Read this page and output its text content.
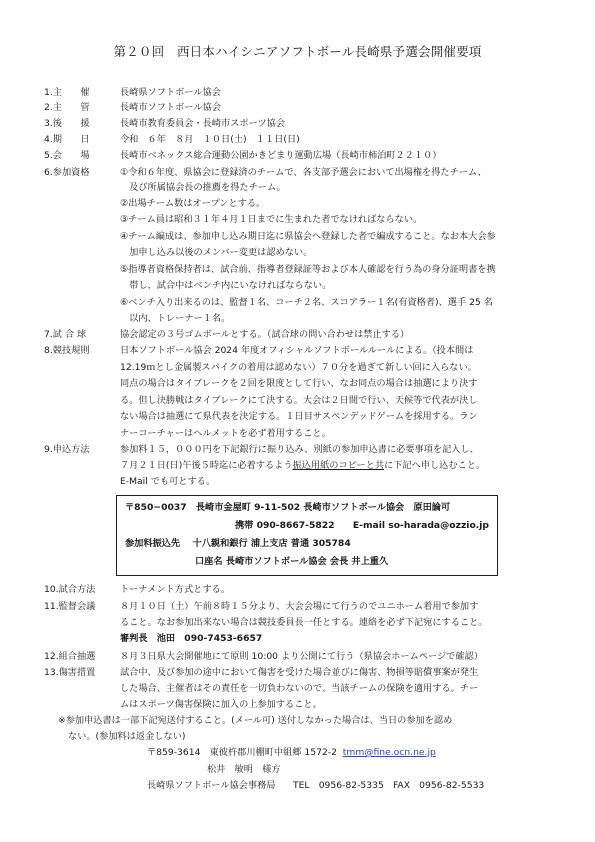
第２０回　西日本ハイシニアソフトボール長崎県予選会開催要項
1.主　　催	長崎県ソフトボール協会
2.主　　管	長崎市ソフトボール協会
3.後　　援	長崎市教育委員会・長崎市スポーツ協会
4.期　　日	令和　６年　８月　１０日(土)　１１日(日)
5.会　　場	長崎市ベネックス総合運動公園かきどまり運動広場（長崎市柿泊町２２１０）
6.参加資格	①令和６年度、県協会に登録済のチームで、各支部予選会において出場権を得たチーム、
　及び所属協会長の推薦を得たチーム。
②出場チーム数はオープンとする。
③チーム員は昭和３１年４月１日までに生まれた者でなければならない。
④チーム編成は、参加申し込み期日迄に県協会へ登録した者で編成すること。なお本大会参
　加申し込み以後のメンバー変更は認めない。
⑤指導者資格保持者は、試合前、指導者登録証等および本人確認を行う為の身分証明書を携
　帯し、試合中はベンチ内にいなければならない。
⑥ベンチ入り出来るのは、監督１名、コーチ２名、スコアラー１名(有資格者)、選手 25 名
　以内、トレーナー１名。
7.試 合 球	協会認定の３号ゴムボールとする。（試合球の問い合わせは禁止する）
8.競技規則	日本ソフトボール協会 2024 年度オフィシャルソフトボールルールによる。（投本間は
12.19ｍとし金属製スパイクの着用は認めない）７０分を過ぎて新しい回に入らない。
同点の場合はタイブレークを２回を限度として行い、なお同点の場合は抽選により決す
る。但し決勝戦はタイブレークにて決する。大会は２日間で行い、天候等で代表が決し
ない場合は抽選にて県代表を決定する。１日目サスペンデッドゲームを採用する。ラン
ナーコーチャーはヘルメットを必ず着用すること。
9.申込方法	参加料１５，０００円を下記銀行に振り込み、別紙の参加申込書に必要事項を記入し、
７月２１日(日)午後５時迄に必着するよう振込用紙のコピーと共に下記へ申し込むこと。
E-Mail でも可とする。
〒850−0037　長崎市金屋町 9-11-502 長崎市ソフトボール協会　原田論可
携帯 090-8667-5822　　E-mail so-harada@ozzio.jp
参加料振込先　 十八親和銀行 浦上支店 普通 305784
口座名 長崎市ソフトボール協会 会長 井上重久
10.試合方法	トーナメント方式とする。
11.監督会議	８月１０日（土）午前８時１５分より、大会会場にて行うのでユニホーム着用で参加す
ること。なお参加出来ない場合は競技委員長一任とする。連絡を必ず下記宛にすること。
審判長　池田　090-7453-6657
12.組合抽選	８月３日県大会開催地にて原則 10:00 より公開にて行う（県協会ホームページで確認）
13.傷害措置	試合中、及び参加の途中において傷害を受けた場合並びに傷害、物損等賠償事案が発生
した場合、主催者はその責任を一切負わないので、当該チームの保険を適用する。チー
ムはスポーツ傷害保険に加入の上参加すること。
※参加申込書は一部下記宛送付すること。(メール可) 送付しなかった場合は、当日の参加を認め
ない。(参加料は返金しない)
〒859-3614　東彼杵郡川棚町中組郷 1572-2 tmm@fine.ocn.ne.jp
松井　敏明　様方
長崎県ソフトボール協会事務局 TEL　0956-82-5335　FAX　0956-82-5533
